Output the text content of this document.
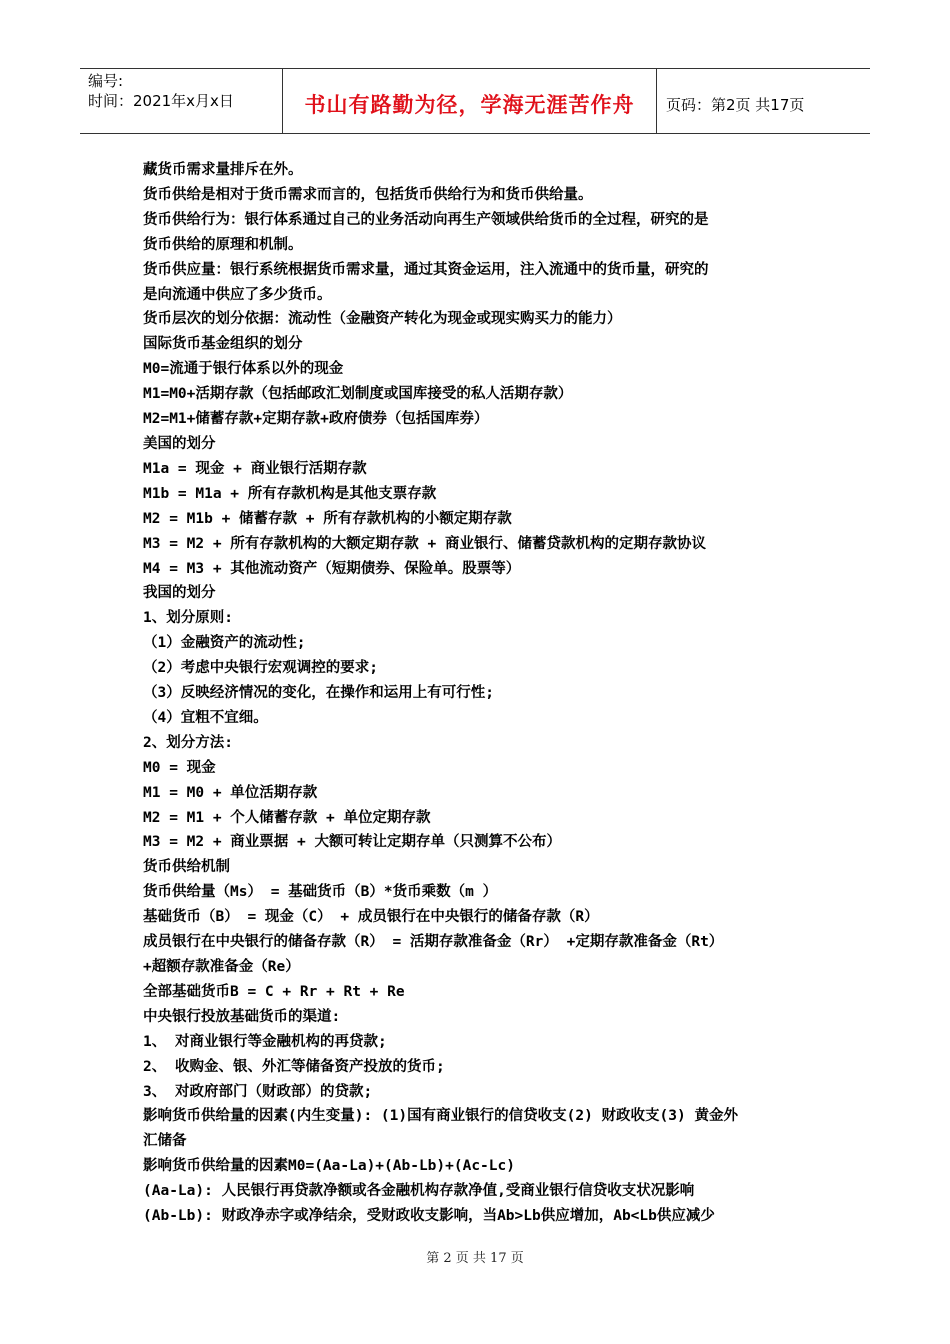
编号:
时间：2021年x月x日	书山有路勤为径，学海无涯苦作舟	页码：第2页 共17页

藏货币需求量排斥在外。

货币供给是相对于货币需求而言的，包括货币供给行为和货币供给量。

货币供给行为：银行体系通过自己的业务活动向再生产领域供给货币的全过程，研究的是

货币供给的原理和机制。

货币供应量：银行系统根据货币需求量，通过其资金运用，注入流通中的货币量，研究的

是向流通中供应了多少货币。

货币层次的划分依据：流动性（金融资产转化为现金或现实购买力的能力）

国际货币基金组织的划分

M0=流通于银行体系以外的现金

M1=M0+活期存款（包括邮政汇划制度或国库接受的私人活期存款）

M2=M1+储蓄存款+定期存款+政府债券（包括国库券）

美国的划分

M1a = 现金 + 商业银行活期存款

M1b = M1a + 所有存款机构是其他支票存款

M2 = M1b + 储蓄存款 + 所有存款机构的小额定期存款

M3 = M2 + 所有存款机构的大额定期存款 + 商业银行、储蓄贷款机构的定期存款协议

M4 = M3 + 其他流动资产（短期债券、保险单。股票等）

我国的划分

1、划分原则:

（1）金融资产的流动性;

（2）考虑中央银行宏观调控的要求;

（3）反映经济情况的变化，在操作和运用上有可行性;

（4）宜粗不宜细。

2、划分方法:

M0 = 现金

M1 = M0 + 单位活期存款

M2 = M1 + 个人储蓄存款 + 单位定期存款

M3 = M2 + 商业票据 + 大额可转让定期存单（只测算不公布）

货币供给机制

货币供给量（Ms） = 基础货币（B）*货币乘数（m ）

基础货币（B） = 现金（C） + 成员银行在中央银行的储备存款（R）

成员银行在中央银行的储备存款（R） = 活期存款准备金（Rr） +定期存款准备金（Rt）

+超额存款准备金（Re）

全部基础货币B = C + Rr + Rt + Re

中央银行投放基础货币的渠道:

1、 对商业银行等金融机构的再贷款;

2、 收购金、银、外汇等储备资产投放的货币;

3、 对政府部门（财政部）的贷款;

影响货币供给量的因素(内生变量): (1)国有商业银行的信贷收支(2) 财政收支(3) 黄金外

汇储备

影响货币供给量的因素M0=(Aa-La)+(Ab-Lb)+(Ac-Lc)

(Aa-La): 人民银行再贷款净额或各金融机构存款净值,受商业银行信贷收支状况影响

(Ab-Lb): 财政净赤字或净结余，受财政收支影响，当Ab>Lb供应增加，Ab<Lb供应减少

第 2 页 共 17 页
